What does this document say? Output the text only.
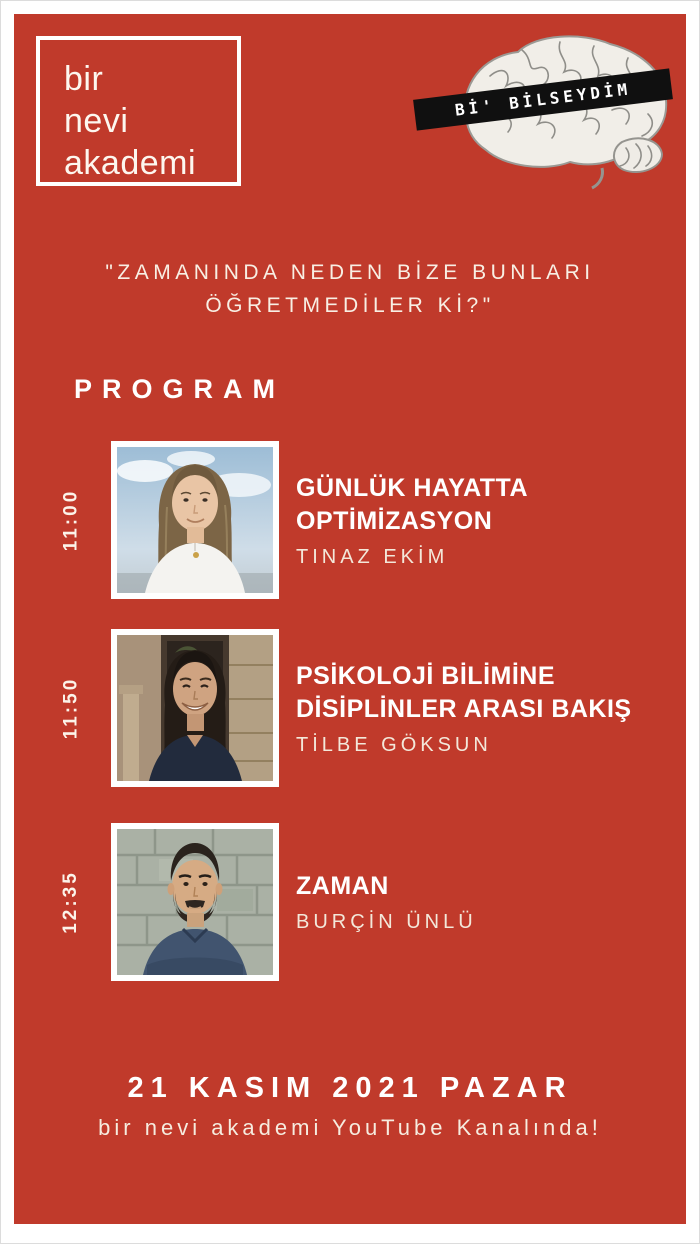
bir
nevi
akademi
Bİ' BİLSEYDİM
"ZAMANINDA NEDEN BİZE BUNLARI
ÖĞRETMEDİLER Kİ?"
PROGRAM
11:00
GÜNLÜK HAYATTA
OPTİMİZASYON
TINAZ EKİM
11:50
PSİKOLOJİ BİLİMİNE
DİSİPLİNLER ARASI BAKIŞ
TİLBE GÖKSUN
12:35	ZAMAN
BURÇİN ÜNLÜ
21 KASIM 2021 PAZAR
bir nevi akademi YouTube Kanalında!
